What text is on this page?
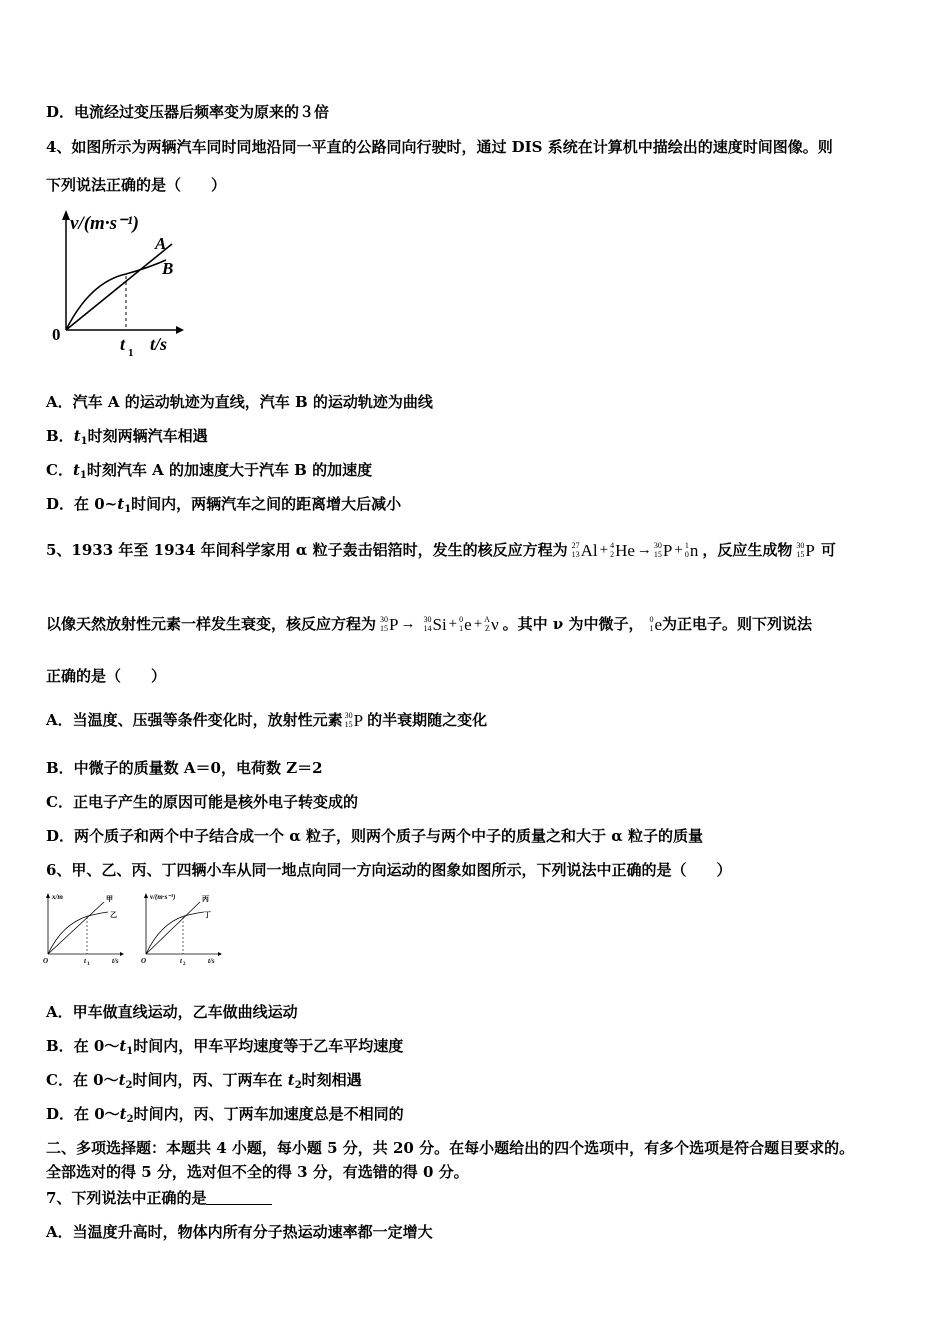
D．电流经过变压器后频率变为原来的３倍
4、如图所示为两辆汽车同时同地沿同一平直的公路同向行驶时，通过 DIS 系统在计算机中描绘出的速度时间图像。则
下列说法正确的是（　　）
v/(m·s⁻¹)
A
B
0	t 1 t/s
A．汽车 A 的运动轨迹为直线，汽车 B 的运动轨迹为曲线
B．$t_1$时刻两辆汽车相遇
C．$t_1$时刻汽车 A 的加速度大于汽车 B 的加速度
D．在 $0\sim t_1$时间内，两辆汽车之间的距离增大后减小
5、1933 年至 1934 年间科学家用 α 粒子轰击铝箔时，发生的核反应方程为 27
13 Al + 4
2 He → 30
15 P + 1
0 n ，反应生成物 30
15 P 可
以像天然放射性元素一样发生衰变，核反应方程为 30
15 P → 30
14 Si + 0
1 e + A
Z ν 。其中 ν 为中微子， 0
1 e 为正电子。则下列说法
正确的是（　　）
A．当温度、压强等条件变化时，放射性元素 30
15 P 的半衰期随之变化
B．中微子的质量数 A＝0，电荷数 Z＝2
C．正电子产生的原因可能是核外电子转变成的
D．两个质子和两个中子结合成一个 α 粒子，则两个质子与两个中子的质量之和大于 α 粒子的质量
6、甲、乙、丙、丁四辆小车从同一地点向同一方向运动的图象如图所示，下列说法中正确的是（　　）
x/m	甲
乙
O	t 1	t/s
v/(m·s⁻¹)	丙
丁
O	t 2	t/s
A．甲车做直线运动，乙车做曲线运动
B．在 $0\sim t_1$时间内，甲车平均速度等于乙车平均速度
C．在 $0\sim t_2$时间内，丙、丁两车在 $t_2$时刻相遇
D．在 $0\sim t_2$时间内，丙、丁两车加速度总是不相同的
二、多项选择题：本题共 4 小题，每小题 5 分，共 20 分。在每小题给出的四个选项中，有多个选项是符合题目要求的。
全部选对的得 5 分，选对但不全的得 3 分，有选错的得 0 分。
7、下列说法中正确的是
A．当温度升高时，物体内所有分子热运动速率都一定增大
